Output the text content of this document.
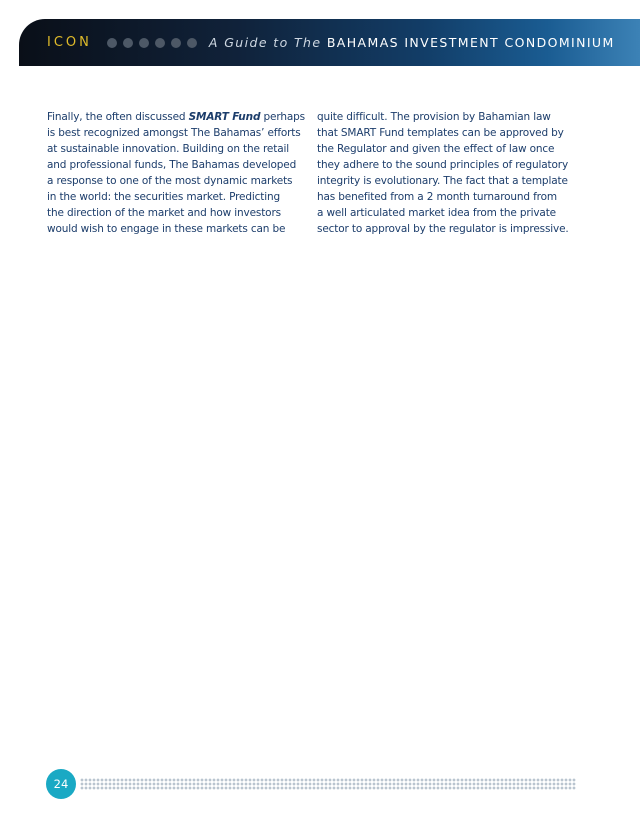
ICON	A Guide to The BAHAMAS INVESTMENT CONDOMINIUM
Finally, the often discussed SMART Fund perhaps
is best recognized amongst The Bahamas’ efforts
at sustainable innovation. Building on the retail
and professional funds, The Bahamas developed
a response to one of the most dynamic markets
in the world: the securities market. Predicting
the direction of the market and how investors
would wish to engage in these markets can be
quite difficult. The provision by Bahamian law
that SMART Fund templates can be approved by
the Regulator and given the effect of law once
they adhere to the sound principles of regulatory
integrity is evolutionary. The fact that a template
has benefited from a 2 month turnaround from
a well articulated market idea from the private
sector to approval by the regulator is impressive.
24
